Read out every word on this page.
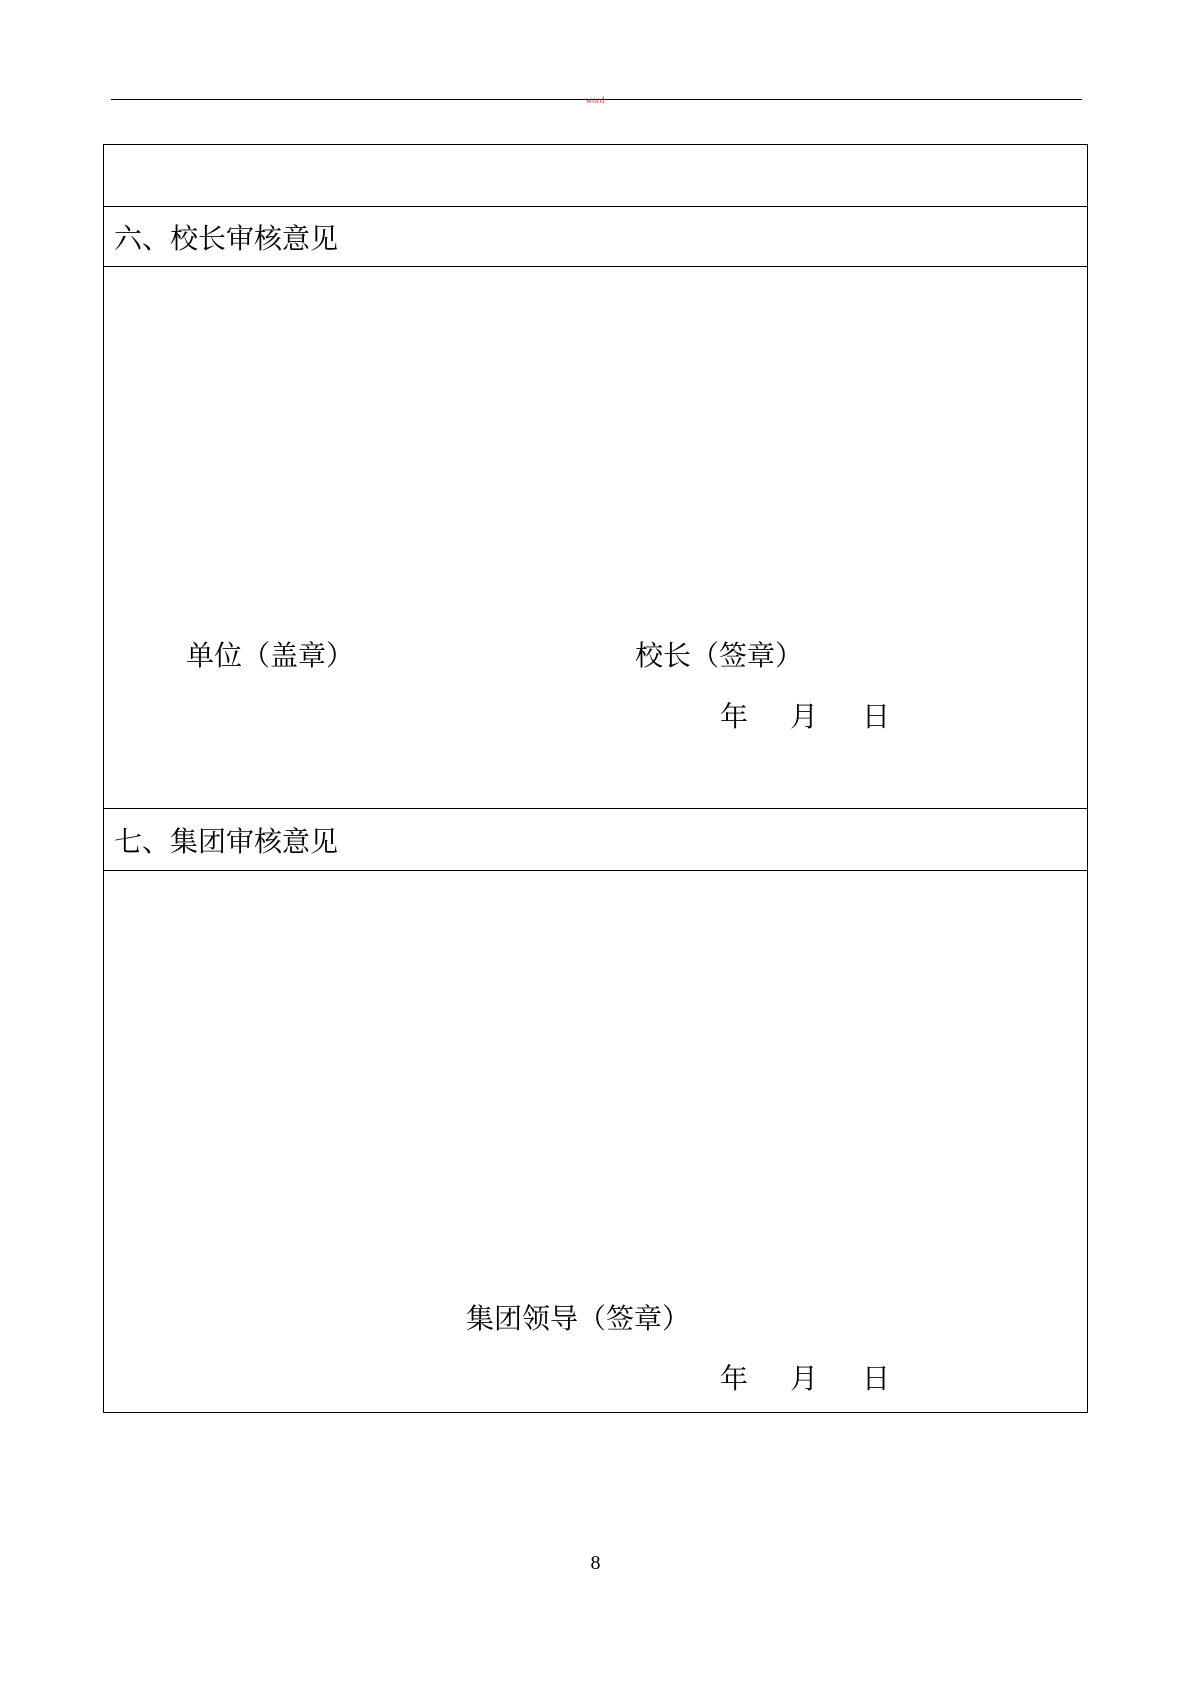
word
六、校长审核意见
单位（盖章）	校长（签章）
年 月 日
七、集团审核意见
集团领导（签章）
年 月 日
8
